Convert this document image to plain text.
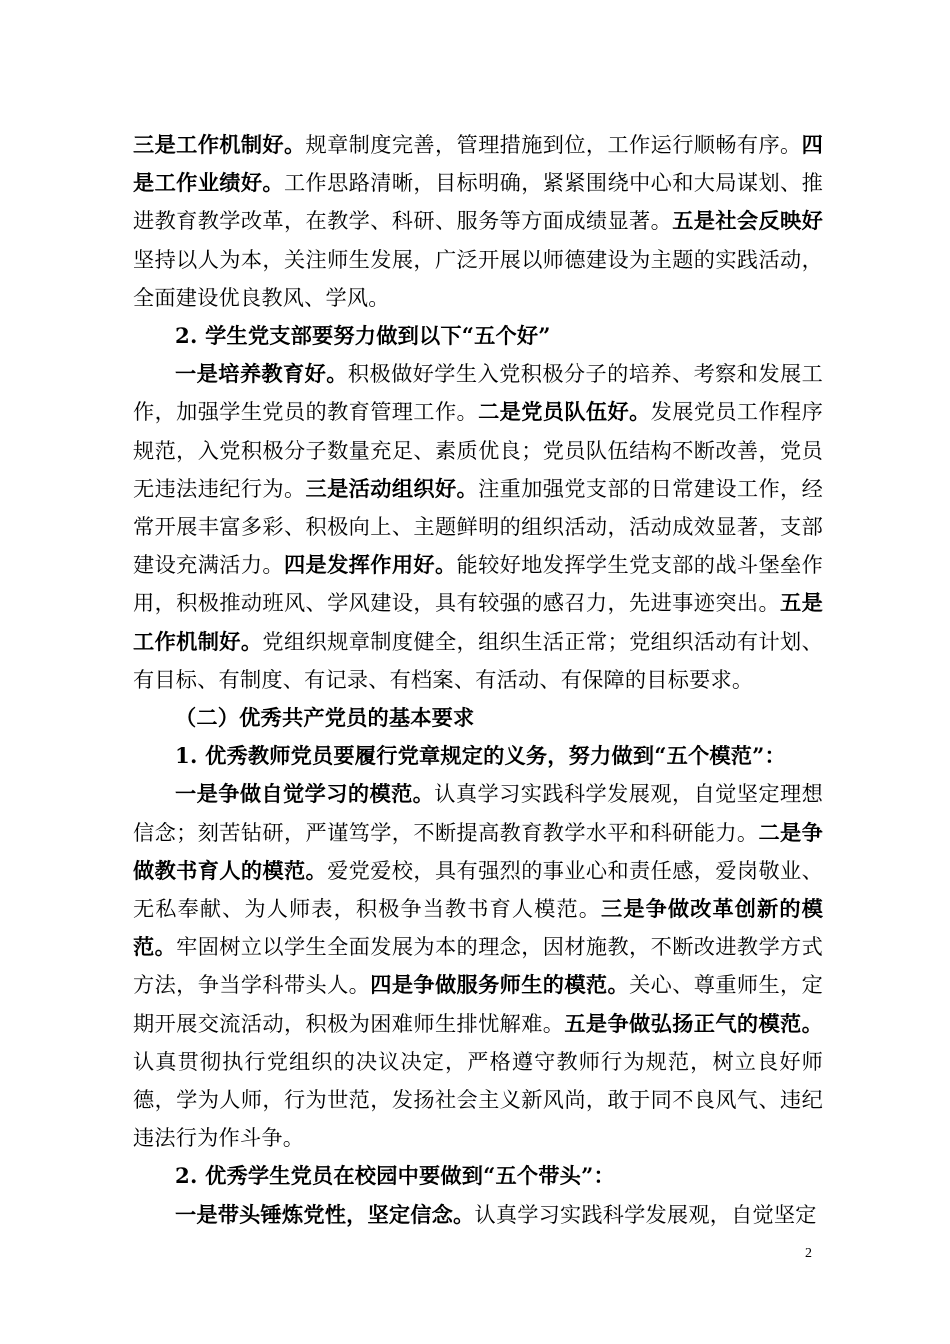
三是工作机制好。规章制度完善，管理措施到位，工作运行顺畅有序。四是工作业绩好。工作思路清晰，目标明确，紧紧围绕中心和大局谋划、推进教育教学改革，在教学、科研、服务等方面成绩显著。五是社会反映好坚持以人为本，关注师生发展，广泛开展以师德建设为主题的实践活动，全面建设优良教风、学风。

2. 学生党支部要努力做到以下“五个好”

一是培养教育好。积极做好学生入党积极分子的培养、考察和发展工作，加强学生党员的教育管理工作。二是党员队伍好。发展党员工作程序规范，入党积极分子数量充足、素质优良；党员队伍结构不断改善，党员无违法违纪行为。三是活动组织好。注重加强党支部的日常建设工作，经常开展丰富多彩、积极向上、主题鲜明的组织活动，活动成效显著，支部建设充满活力。四是发挥作用好。能较好地发挥学生党支部的战斗堡垒作用，积极推动班风、学风建设，具有较强的感召力，先进事迹突出。五是工作机制好。党组织规章制度健全，组织生活正常；党组织活动有计划、有目标、有制度、有记录、有档案、有活动、有保障的目标要求。

（二）优秀共产党员的基本要求

1. 优秀教师党员要履行党章规定的义务，努力做到“五个模范”：

一是争做自觉学习的模范。认真学习实践科学发展观，自觉坚定理想信念；刻苦钻研，严谨笃学，不断提高教育教学水平和科研能力。二是争做教书育人的模范。爱党爱校，具有强烈的事业心和责任感，爱岗敬业、无私奉献、为人师表，积极争当教书育人模范。三是争做改革创新的模范。牢固树立以学生全面发展为本的理念，因材施教，不断改进教学方式方法，争当学科带头人。四是争做服务师生的模范。关心、尊重师生，定期开展交流活动，积极为困难师生排忧解难。五是争做弘扬正气的模范。认真贯彻执行党组织的决议决定，严格遵守教师行为规范，树立良好师德，学为人师，行为世范，发扬社会主义新风尚，敢于同不良风气、违纪违法行为作斗争。

2. 优秀学生党员在校园中要做到“五个带头”：

一是带头锤炼党性，坚定信念。认真学习实践科学发展观，自觉坚定

2
